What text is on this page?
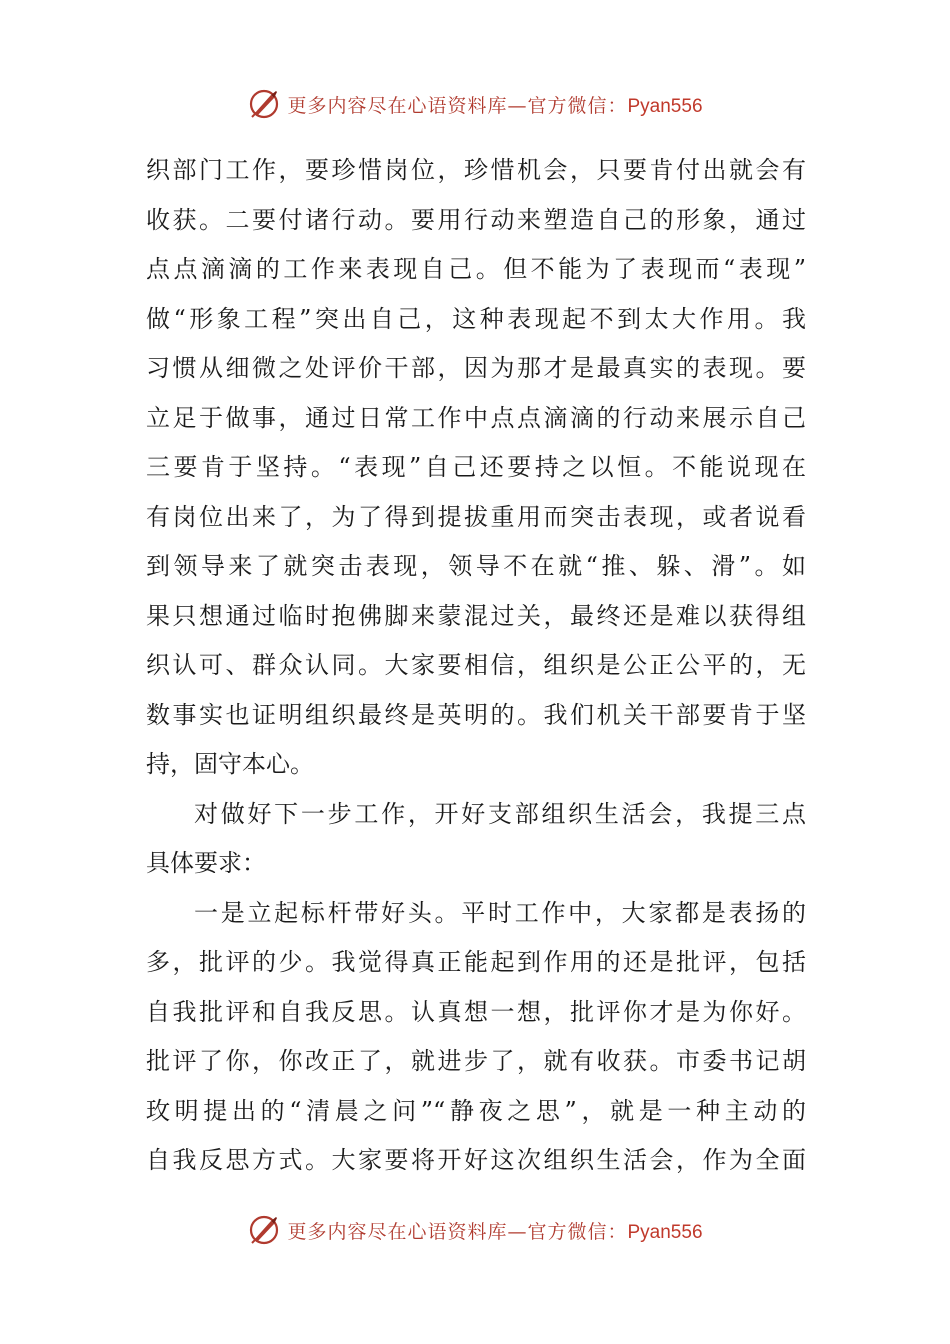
更多内容尽在心语资料库—官方微信：Pyan556
织部门工作，要珍惜岗位，珍惜机会，只要肯付出就会有
收获。二要付诸行动。要用行动来塑造自己的形象，通过
点点滴滴的工作来表现自己。但不能为了表现而“表现”
做“形象工程”突出自己，这种表现起不到太大作用。我
习惯从细微之处评价干部，因为那才是最真实的表现。要
立足于做事，通过日常工作中点点滴滴的行动来展示自己
三要肯于坚持。“表现”自己还要持之以恒。不能说现在
有岗位出来了，为了得到提拔重用而突击表现，或者说看
到领导来了就突击表现，领导不在就“推、躲、滑”。如
果只想通过临时抱佛脚来蒙混过关，最终还是难以获得组
织认可、群众认同。大家要相信，组织是公正公平的，无
数事实也证明组织最终是英明的。我们机关干部要肯于坚
持，固守本心。
对做好下一步工作，开好支部组织生活会，我提三点
具体要求：
一是立起标杆带好头。平时工作中，大家都是表扬的
多，批评的少。我觉得真正能起到作用的还是批评，包括
自我批评和自我反思。认真想一想，批评你才是为你好。
批评了你，你改正了，就进步了，就有收获。市委书记胡
玫明提出的“清晨之问”“静夜之思”，就是一种主动的
自我反思方式。大家要将开好这次组织生活会，作为全面
更多内容尽在心语资料库—官方微信：Pyan556
